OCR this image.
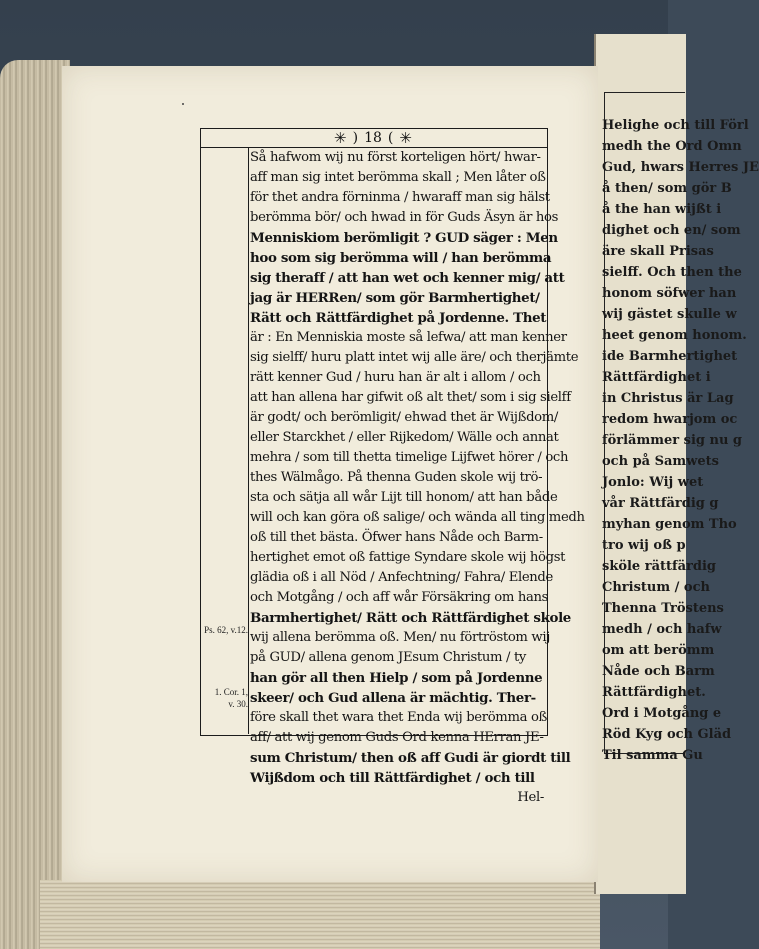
Helighe och till Förl
medh the Ord Omn
Gud, hwars Herres JE
å then/ som gör B
å the han wijßt i
dighet och en/ som
äre skall Prisas
sielff. Och then the
honom söfwer han
wij gästet skulle w
heet genom honom.
ide Barmhertighet
Rättfärdighet i
in Christus är Lag
redom hwarjom oc
förlämmer sig nu g
och på Samwets
Jonlo: Wij wet
vår Rättfärdig g
myhan genom Tho
tro wij oß p
sköle rättfärdig
Christum / och
Thenna Tröstens
medh / och hafw
om att berömm
Nåde och Barm
Rättfärdighet.
Ord i Motgång e
Röd Kyg och Gläd
Til samma Gu
✳ ) 18 ( ✳
Så hafwom wij nu först korteligen hört/ hwar-
aff man sig intet berömma skall ; Men låter oß
för thet andra förninma / hwaraff man sig hälst
berömma bör/ och hwad in för Guds Äsyn är hos
Menniskiom berömligit ? GUD säger : Men
hoo som sig berömma will / han berömma
sig theraff / att han wet och kenner mig/ att
jag är HERRen/ som gör Barmhertighet/
Rätt och Rättfärdighet på Jordenne. Thet
är : En Menniskia moste så lefwa/ att man kenner
sig sielff/ huru platt intet wij alle äre/ och therjämte
rätt kenner Gud / huru han är alt i allom / och
att han allena har gifwit oß alt thet/ som i sig sielff
är godt/ och berömligit/ ehwad thet är Wijßdom/
eller Starckhet / eller Rijkedom/ Wälle och annat
mehra / som till thetta timelige Lijfwet hörer / och
thes Wälmågo. På thenna Guden skole wij trö-
sta och sätja all wår Lijt till honom/ att han både
will och kan göra oß salige/ och wända all ting medh
oß till thet bästa. Öfwer hans Nåde och Barm-
hertighet emot oß fattige Syndare skole wij högst
glädia oß i all Nöd / Anfechtning/ Fahra/ Elende
och Motgång / och aff wår Försäkring om hans
Barmhertighet/ Rätt och Rättfärdighet skole
wij allena berömma oß. Men/ nu förtröstom wij
på GUD/ allena genom JEsum Christum / ty
han gör all then Hielp / som på Jordenne
skeer/ och Gud allena är mächtig. Ther-
före skall thet wara thet Enda wij berömma oß
aff/ att wij genom Guds Ord kenna HErran JE-
sum Christum/ then oß aff Gudi är giordt till
Wijßdom och till Rättfärdighet / och till
Hel-
Ps. 62, v.12.
1. Cor. 1,
v. 30.
